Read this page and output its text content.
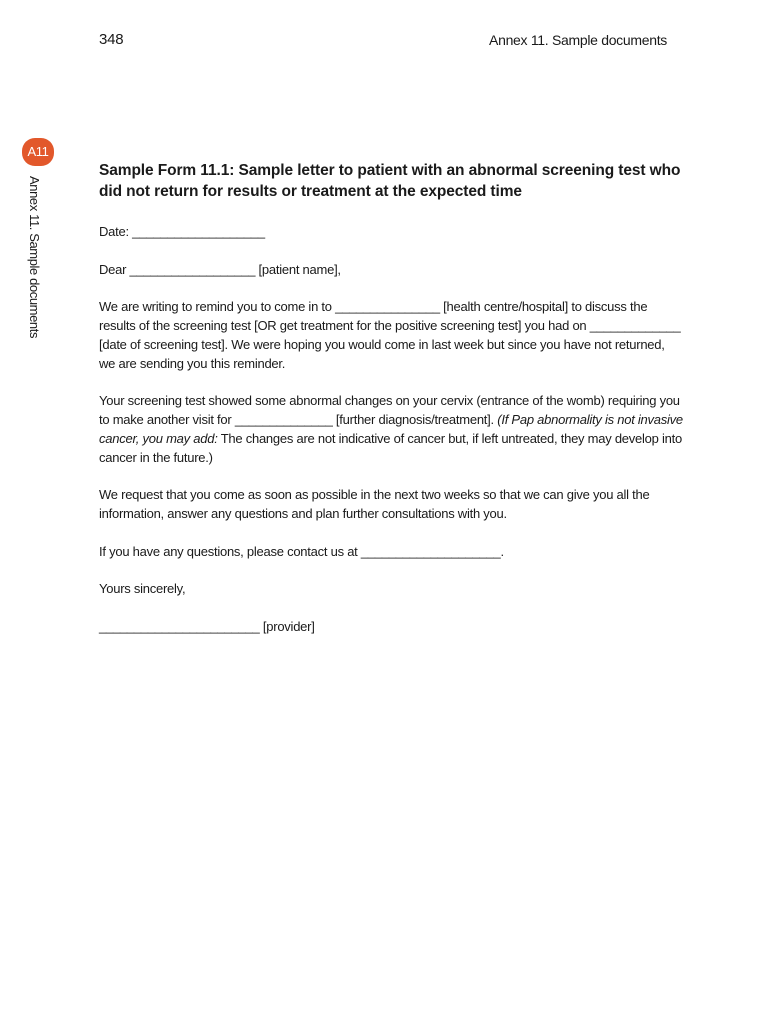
348	Annex 11. Sample documents
A11
Annex 11. Sample documents
Sample Form 11.1: Sample letter to patient with an abnormal screening test who did not return for results or treatment at the expected time
Date: ___________________
Dear __________________ [patient name],
We are writing to remind you to come in to _______________ [health centre/hospital] to discuss the results of the screening test [OR get treatment for the positive screening test] you had on _____________ [date of screening test]. We were hoping you would come in last week but since you have not returned, we are sending you this reminder.
Your screening test showed some abnormal changes on your cervix (entrance of the womb) requiring you to make another visit for ______________ [further diagnosis/treatment]. (If Pap abnormality is not invasive cancer, you may add: The changes are not indicative of cancer but, if left untreated, they may develop into cancer in the future.)
We request that you come as soon as possible in the next two weeks so that we can give you all the information, answer any questions and plan further consultations with you.
If you have any questions, please contact us at ____________________.
Yours sincerely,
_______________________ [provider]
